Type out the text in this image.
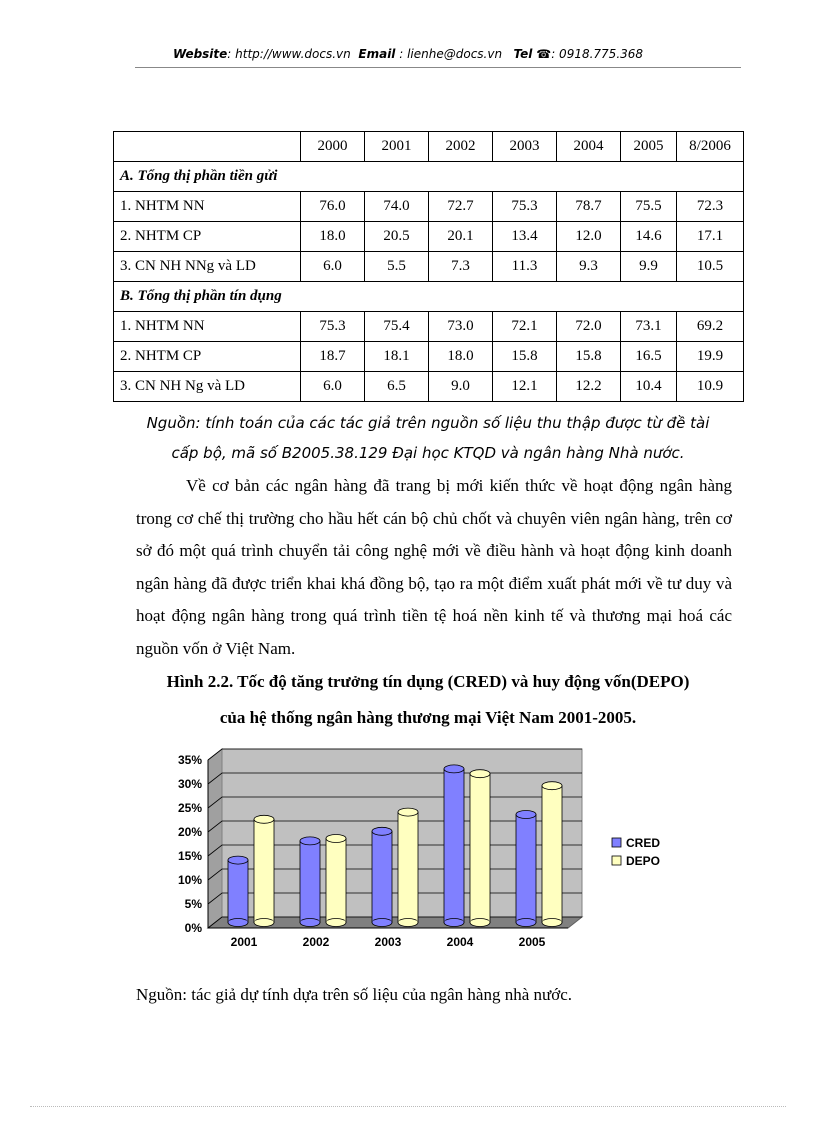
Website: http://www.docs.vn Email : lienhe@docs.vn Tel ☎: 0918.775.368
	2000	2001	2002	2003	2004	2005	8/2006
A. Tổng thị phần tiền gửi							
1. NHTM NN	76.0	74.0	72.7	75.3	78.7	75.5	72.3
2. NHTM CP	18.0	20.5	20.1	13.4	12.0	14.6	17.1
3. CN NH NNg và LD	6.0	5.5	7.3	11.3	9.3	9.9	10.5
B. Tổng thị phần tín dụng							
1. NHTM NN	75.3	75.4	73.0	72.1	72.0	73.1	69.2
2. NHTM CP	18.7	18.1	18.0	15.8	15.8	16.5	19.9
3. CN NH Ng và LD	6.0	6.5	9.0	12.1	12.2	10.4	10.9
Nguồn: tính toán của các tác giả trên nguồn số liệu thu thập được từ đề tài
cấp bộ, mã số B2005.38.129 Đại học KTQD và ngân hàng Nhà nước.
Về cơ bản các ngân hàng đã trang bị mới kiến thức về hoạt động ngân hàng trong cơ chế thị trường cho hầu hết cán bộ chủ chốt và chuyên viên ngân hàng, trên cơ sở đó một quá trình chuyển tải công nghệ mới về điều hành và hoạt động kinh doanh ngân hàng đã được triển khai khá đồng bộ, tạo ra một điểm xuất phát mới về tư duy và hoạt động ngân hàng trong quá trình tiền tệ hoá nền kinh tế và thương mại hoá các nguồn vốn ở Việt Nam.
Hình 2.2. Tốc độ tăng trưởng tín dụng (CRED) và huy động vốn(DEPO)
của hệ thống ngân hàng thương mại Việt Nam 2001-2005.
0%
5%
10%
15%
20%
25%
30%
35%
2001	2002	2003	2004	2005
CRED
DEPO
Nguồn: tác giả dự tính dựa trên số liệu của ngân hàng nhà nước.
